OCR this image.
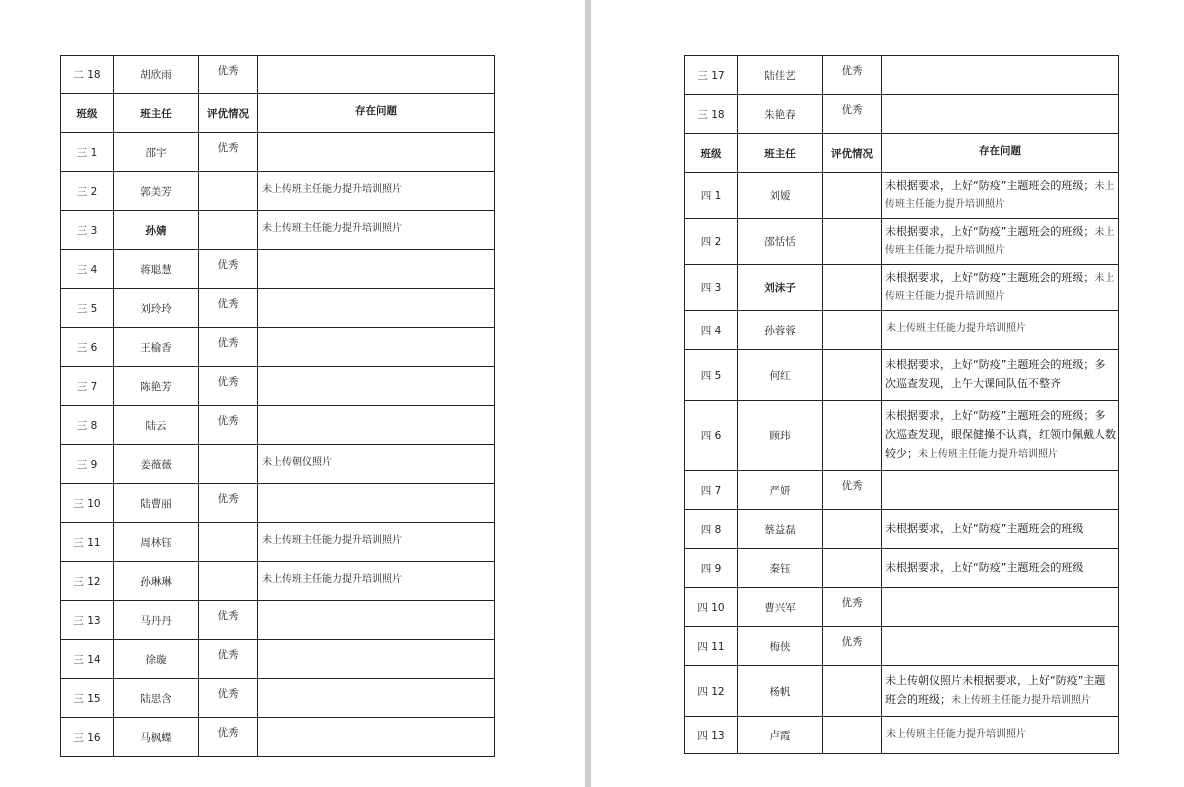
二 18	胡欣雨	优秀	
班级	班主任	评优情况	存在问题
三 1	邵宇	优秀	
三 2	郭美芳		未上传班主任能力提升培训照片
三 3	孙婧		未上传班主任能力提升培训照片
三 4	蒋聪慧	优秀	
三 5	刘玲玲	优秀	
三 6	王榆香	优秀	
三 7	陈艳芳	优秀	
三 8	陆云	优秀	
三 9	姜薇薇		未上传朝仪照片
三 10	陆曹丽	优秀	
三 11	周林钰		未上传班主任能力提升培训照片
三 12	孙琳琳		未上传班主任能力提升培训照片
三 13	马丹丹	优秀	
三 14	徐璇	优秀	
三 15	陆思含	优秀	
三 16	马枫蝶	优秀	
三 17	陆佳艺	优秀	
三 18	朱艳春	优秀	
班级	班主任	评优情况	存在问题
四 1	刘嫒		未根据要求，上好“防疫”主题班会的班级；未上传班主任能力提升培训照片
四 2	邵恬恬		未根据要求，上好“防疫”主题班会的班级；未上传班主任能力提升培训照片
四 3	刘沫子		未根据要求，上好“防疫”主题班会的班级；未上传班主任能力提升培训照片
四 4	孙蓉蓉		未上传班主任能力提升培训照片
四 5	何红		未根据要求，上好“防疫”主题班会的班级；多次巡查发现，上午大课间队伍不整齐
四 6	顾玮		未根据要求，上好“防疫”主题班会的班级；多次巡查发现，眼保健操不认真，红领巾佩戴人数较少；未上传班主任能力提升培训照片
四 7	严妍	优秀	
四 8	蔡益磊		未根据要求，上好“防疫”主题班会的班级
四 9	秦钰		未根据要求，上好“防疫”主题班会的班级
四 10	曹兴军	优秀	
四 11	梅侠	优秀	
四 12	杨帆		未上传朝仪照片未根据要求，上好“防疫”主题班会的班级；未上传班主任能力提升培训照片
四 13	卢霞		未上传班主任能力提升培训照片
